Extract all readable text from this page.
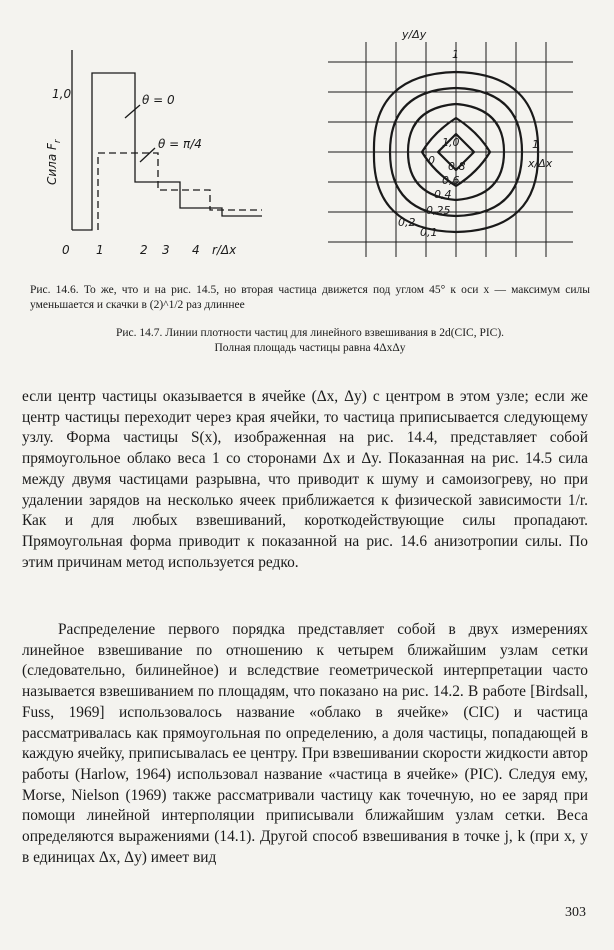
Сила $F_r$
1,0
0 1	2 3 4 r/Δx
θ = 0
θ = π/4
y/Δy
x/Δx
1
1
0
1,0
0,8
0,6
0,4
0,25
0,2
0,1
Рис. 14.6. То же, что и на рис. 14.5, но вторая частица движется под углом 45° к оси x — максимум силы уменьшается и скачки в (2)^1/2 раз длиннее
Рис. 14.7. Линии плотности частиц для линейного взвешивания в 2d(CIC, PIC).
Полная площадь частицы равна 4ΔxΔy
если центр частицы оказывается в ячейке (Δx, Δy) с центром в этом узле; если же центр частицы переходит через края ячейки, то частица приписывается следующему узлу. Форма частицы S(x), изображенная на рис. 14.4, представляет собой прямоугольное облако веса 1 со сторонами Δx и Δy. Показанная на рис. 14.5 сила между двумя частицами разрывна, что приводит к шуму и самоизогреву, но при удалении зарядов на несколько ячеек приближается к физической зависимости 1/r. Как и для любых взвешиваний, короткодействующие силы пропадают. Прямоугольная форма приводит к показанной на рис. 14.6 анизотропии силы. По этим причинам метод используется редко.
Распределение первого порядка представляет собой в двух измерениях линейное взвешивание по отношению к четырем ближайшим узлам сетки (следовательно, билинейное) и вследствие геометрической интерпретации часто называется взвешиванием по площадям, что показано на рис. 14.2. В работе [Birdsall, Fuss, 1969] использовалось название «облако в ячейке» (CIC) и частица рассматривалась как прямоугольная по определению, а доля частицы, попадающей в каждую ячейку, приписывалась ее центру. При взвешивании скорости жидкости автор работы (Harlow, 1964) использовал название «частица в ячейке» (PIC). Следуя ему, Morse, Nielson (1969) также рассматривали частицу как точечную, но ее заряд при помощи линейной интерполяции приписывали ближайшим узлам сетки. Веса определяются выражениями (14.1). Другой способ взвешивания в точке j, k (при x, y в единицах Δx, Δy) имеет вид
303
